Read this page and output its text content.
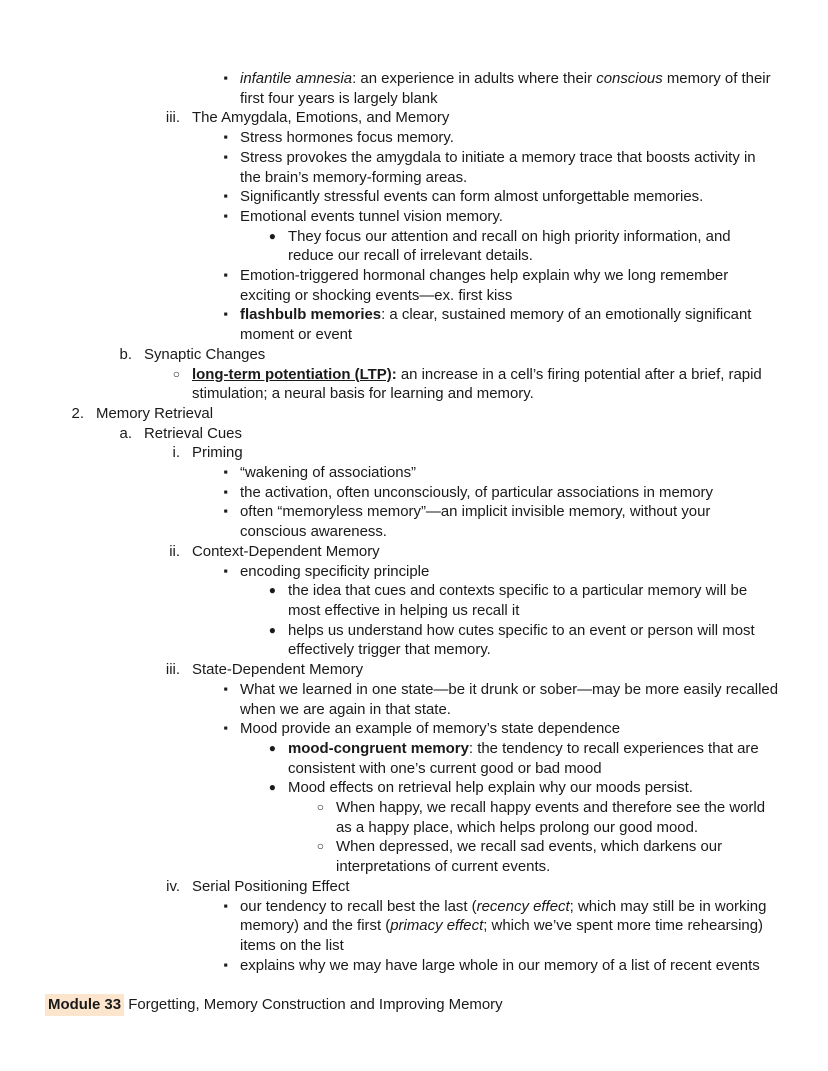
▪ infantile amnesia: an experience in adults where their conscious memory of their first four years is largely blank
iii. The Amygdala, Emotions, and Memory
▪ Stress hormones focus memory.
▪ Stress provokes the amygdala to initiate a memory trace that boosts activity in the brain’s memory-forming areas.
▪ Significantly stressful events can form almost unforgettable memories.
▪ Emotional events tunnel vision memory.
● They focus our attention and recall on high priority information, and reduce our recall of irrelevant details.
▪ Emotion-triggered hormonal changes help explain why we long remember exciting or shocking events—ex. first kiss
▪ flashbulb memories: a clear, sustained memory of an emotionally significant moment or event
b. Synaptic Changes
○ long-term potentiation (LTP): an increase in a cell’s firing potential after a brief, rapid stimulation; a neural basis for learning and memory.
2. Memory Retrieval
a. Retrieval Cues
i. Priming
▪ “wakening of associations”
▪ the activation, often unconsciously, of particular associations in memory
▪ often “memoryless memory”—an implicit invisible memory, without your conscious awareness.
ii. Context-Dependent Memory
▪ encoding specificity principle
● the idea that cues and contexts specific to a particular memory will be most effective in helping us recall it
● helps us understand how cutes specific to an event or person will most effectively trigger that memory.
iii. State-Dependent Memory
▪ What we learned in one state—be it drunk or sober—may be more easily recalled when we are again in that state.
▪ Mood provide an example of memory’s state dependence
● mood-congruent memory: the tendency to recall experiences that are consistent with one’s current good or bad mood
● Mood effects on retrieval help explain why our moods persist.
○ When happy, we recall happy events and therefore see the world as a happy place, which helps prolong our good mood.
○ When depressed, we recall sad events, which darkens our interpretations of current events.
iv. Serial Positioning Effect
▪ our tendency to recall best the last (recency effect; which may still be in working memory) and the first (primacy effect; which we’ve spent more time rehearsing) items on the list
▪ explains why we may have large whole in our memory of a list of recent events
Module 33 Forgetting, Memory Construction and Improving Memory
